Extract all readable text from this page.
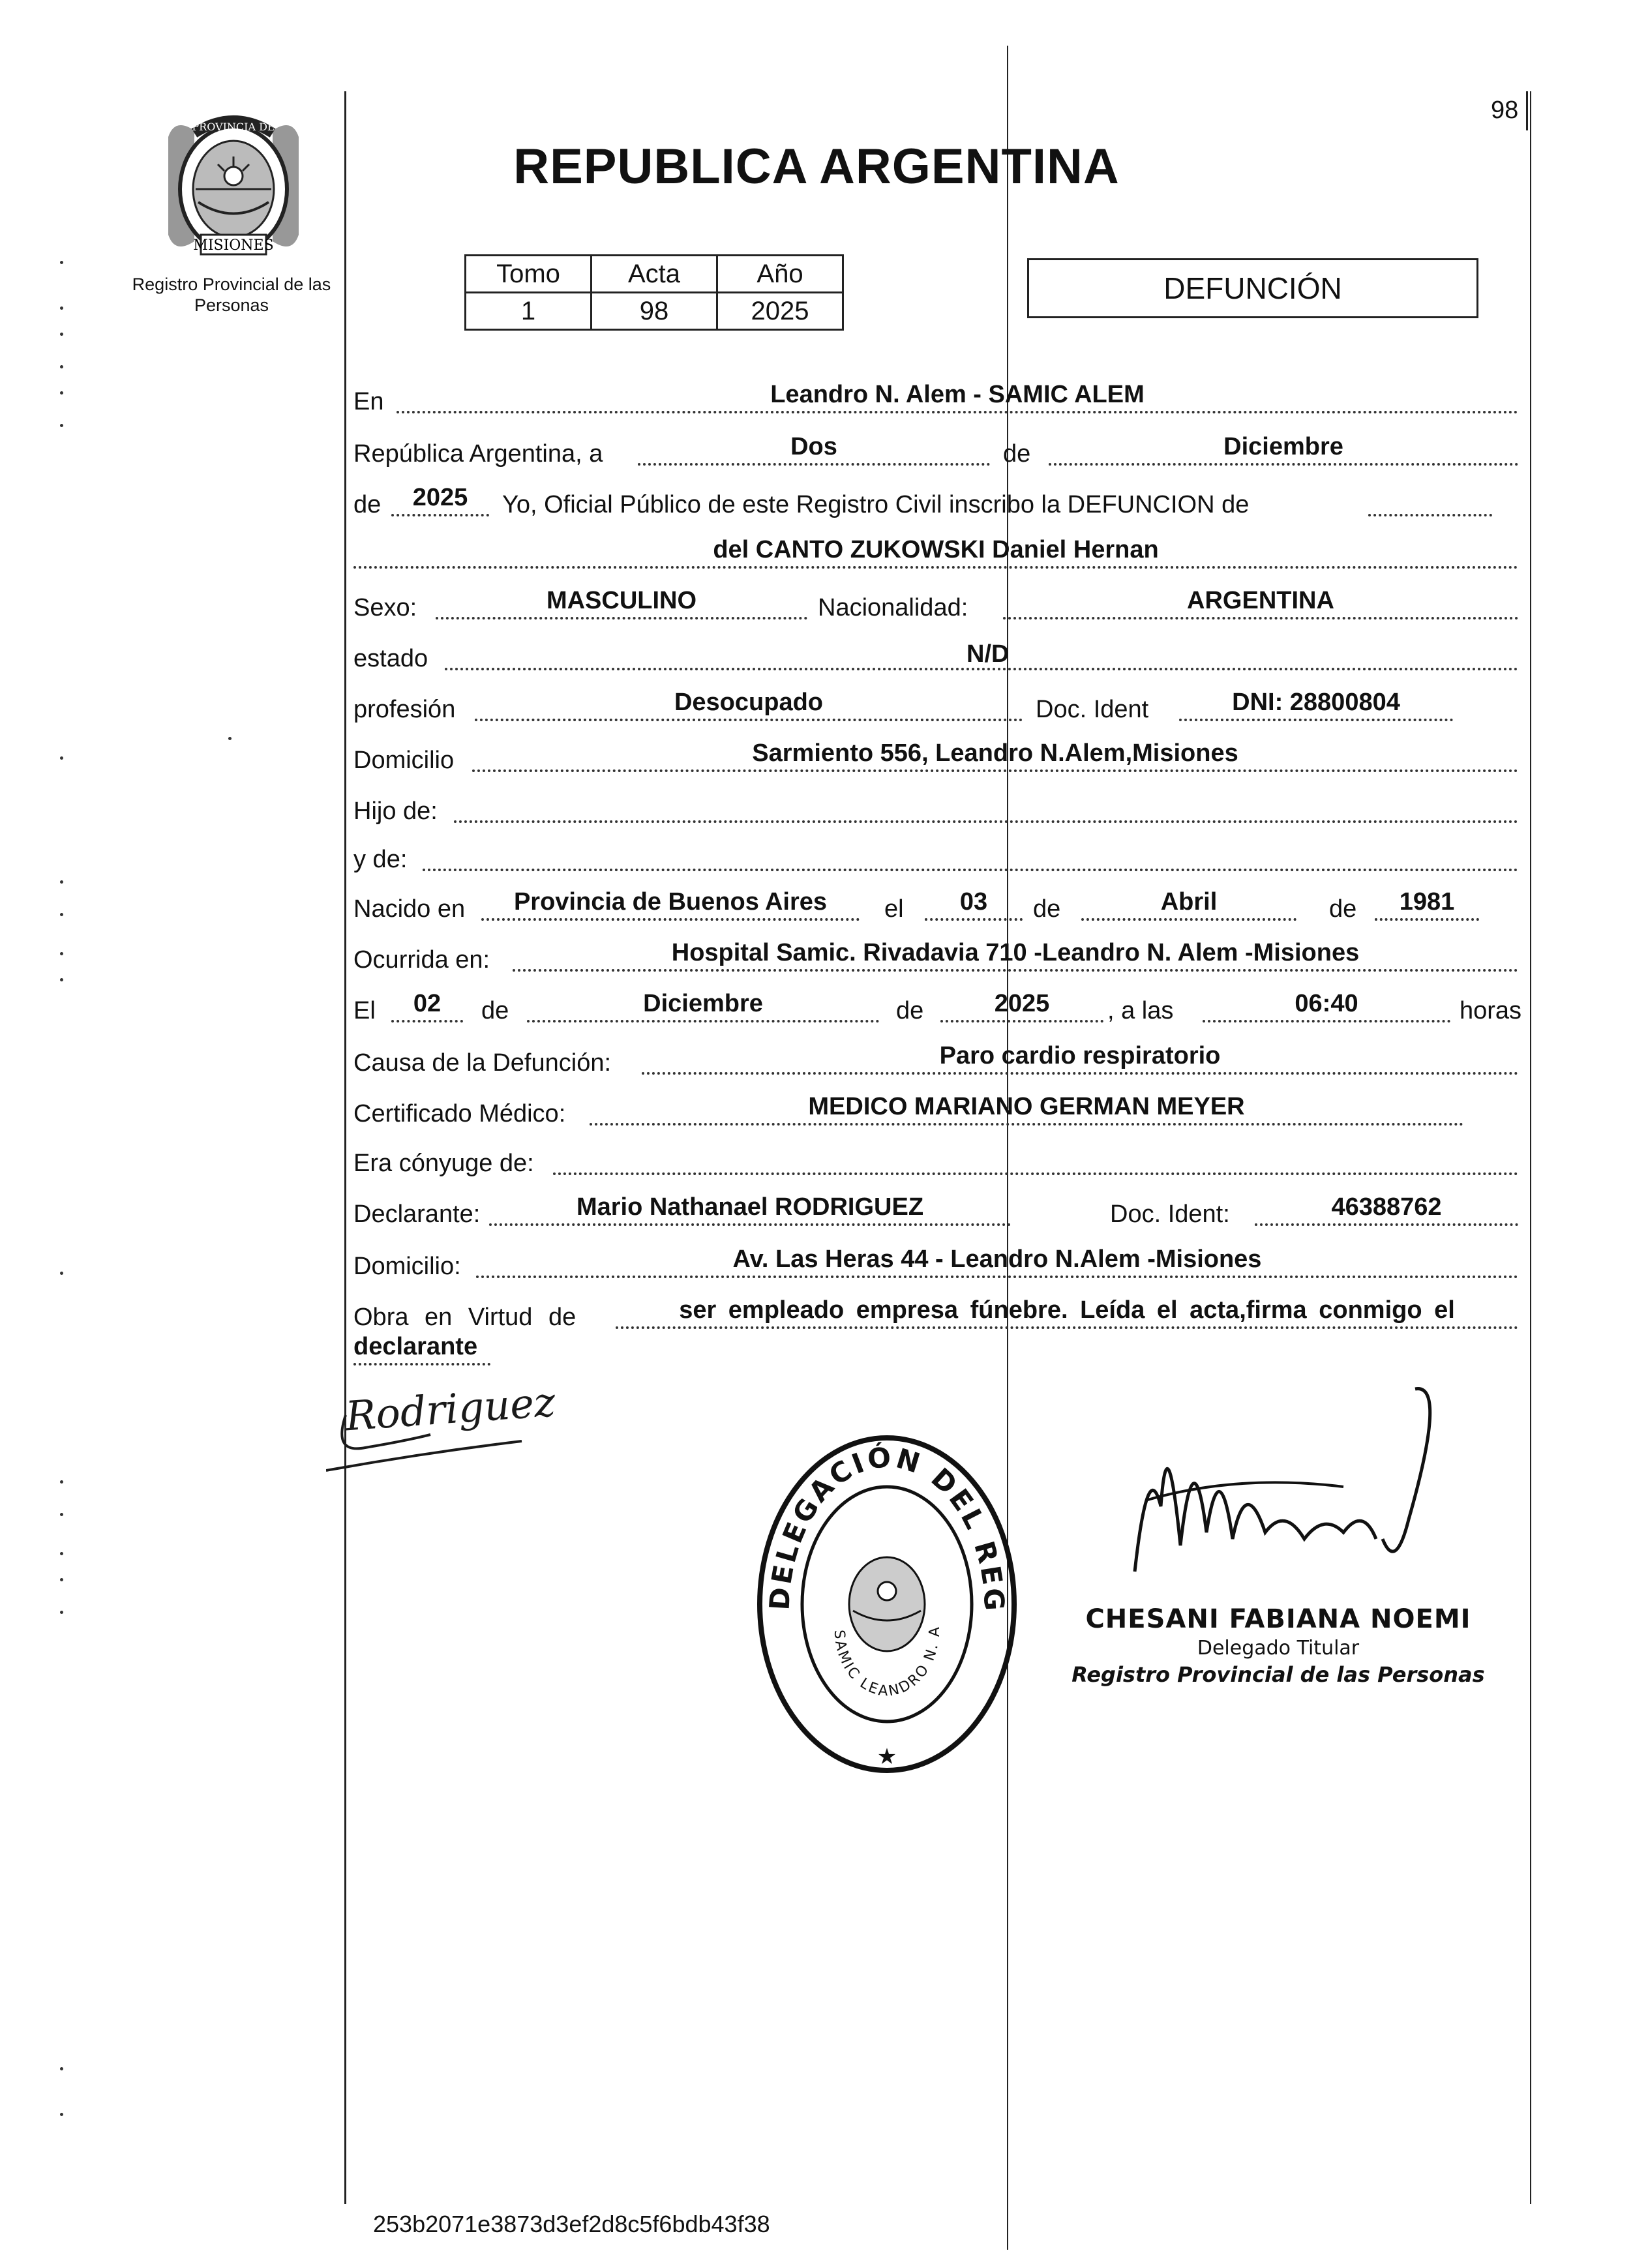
98
MISIONES
PROVINCIA DE
Registro Provincial de las Personas
REPUBLICA ARGENTINA
Tomo	Acta	Año
1	98	2025
DEFUNCIÓN
En	Leandro N. Alem - SAMIC ALEM
República Argentina, a	Dos	de	Diciembre
de	2025	Yo, Oficial Público de este Registro Civil inscribo la DEFUNCION de
del CANTO ZUKOWSKI Daniel Hernan
Sexo:	MASCULINO	Nacionalidad:	ARGENTINA
estado	N/D
profesión	Desocupado	Doc. Ident	DNI: 28800804
Domicilio	Sarmiento 556, Leandro N.Alem,Misiones
Hijo de:
y de:
Nacido en	Provincia de Buenos Aires	el	03	de	Abril	de	1981
Ocurrida en:	Hospital Samic. Rivadavia 710 -Leandro N. Alem -Misiones
El	02	de	Diciembre	de	2025	, a las	06:40	horas
Causa de la Defunción:	Paro cardio respiratorio
Certificado Médico:	MEDICO MARIANO GERMAN MEYER
Era cónyuge de:
Declarante:	Mario Nathanael RODRIGUEZ	Doc. Ident:	46388762
Domicilio:	Av. Las Heras 44 - Leandro N.Alem -Misiones
Obra en Virtud de	ser empleado empresa fúnebre. Leída el acta,firma conmigo el
declarante
Rodriguez
DELEGACIÓN DEL REG
SAMIC LEANDRO N. A
★
CHESANI FABIANA NOEMI
Delegado Titular
Registro Provincial de las Personas
253b2071e3873d3ef2d8c5f6bdb43f38
